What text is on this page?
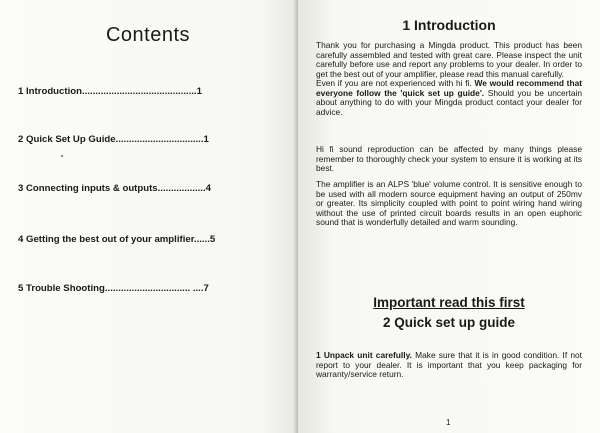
Contents
1 Introduction...........................................1
2 Quick Set Up Guide.................................1
3 Connecting inputs & outputs..................4
4 Getting the best out of your amplifier......5
5 Trouble Shooting................................ ....7
1 Introduction
Thank you for purchasing a Mingda product. This product has been carefully assembled and tested with great care. Please inspect the unit carefully before use and report any problems to your dealer. In order to get the best out of your amplifier, please read this manual carefully.
Even if you are not experienced with hi fi. We would recommend that everyone follow the 'quick set up guide'. Should you be uncertain about anything to do with your Mingda product contact your dealer for advice.
Hi fi sound reproduction can be affected by many things please remember to thoroughly check your system to ensure it is working at its best.
The amplifier is an ALPS 'blue' volume control. It is sensitive enough to be used with all modern source equipment having an output of 250mv or greater. Its simplicity coupled with point to point wiring hand wiring without the use of printed circuit boards results in an open euphoric sound that is wonderfully detailed and warm sounding.
Important read this first
2 Quick set up guide
1 Unpack unit carefully. Make sure that it is in good condition. If not report to your dealer. It is important that you keep packaging for warranty/service return.
1
